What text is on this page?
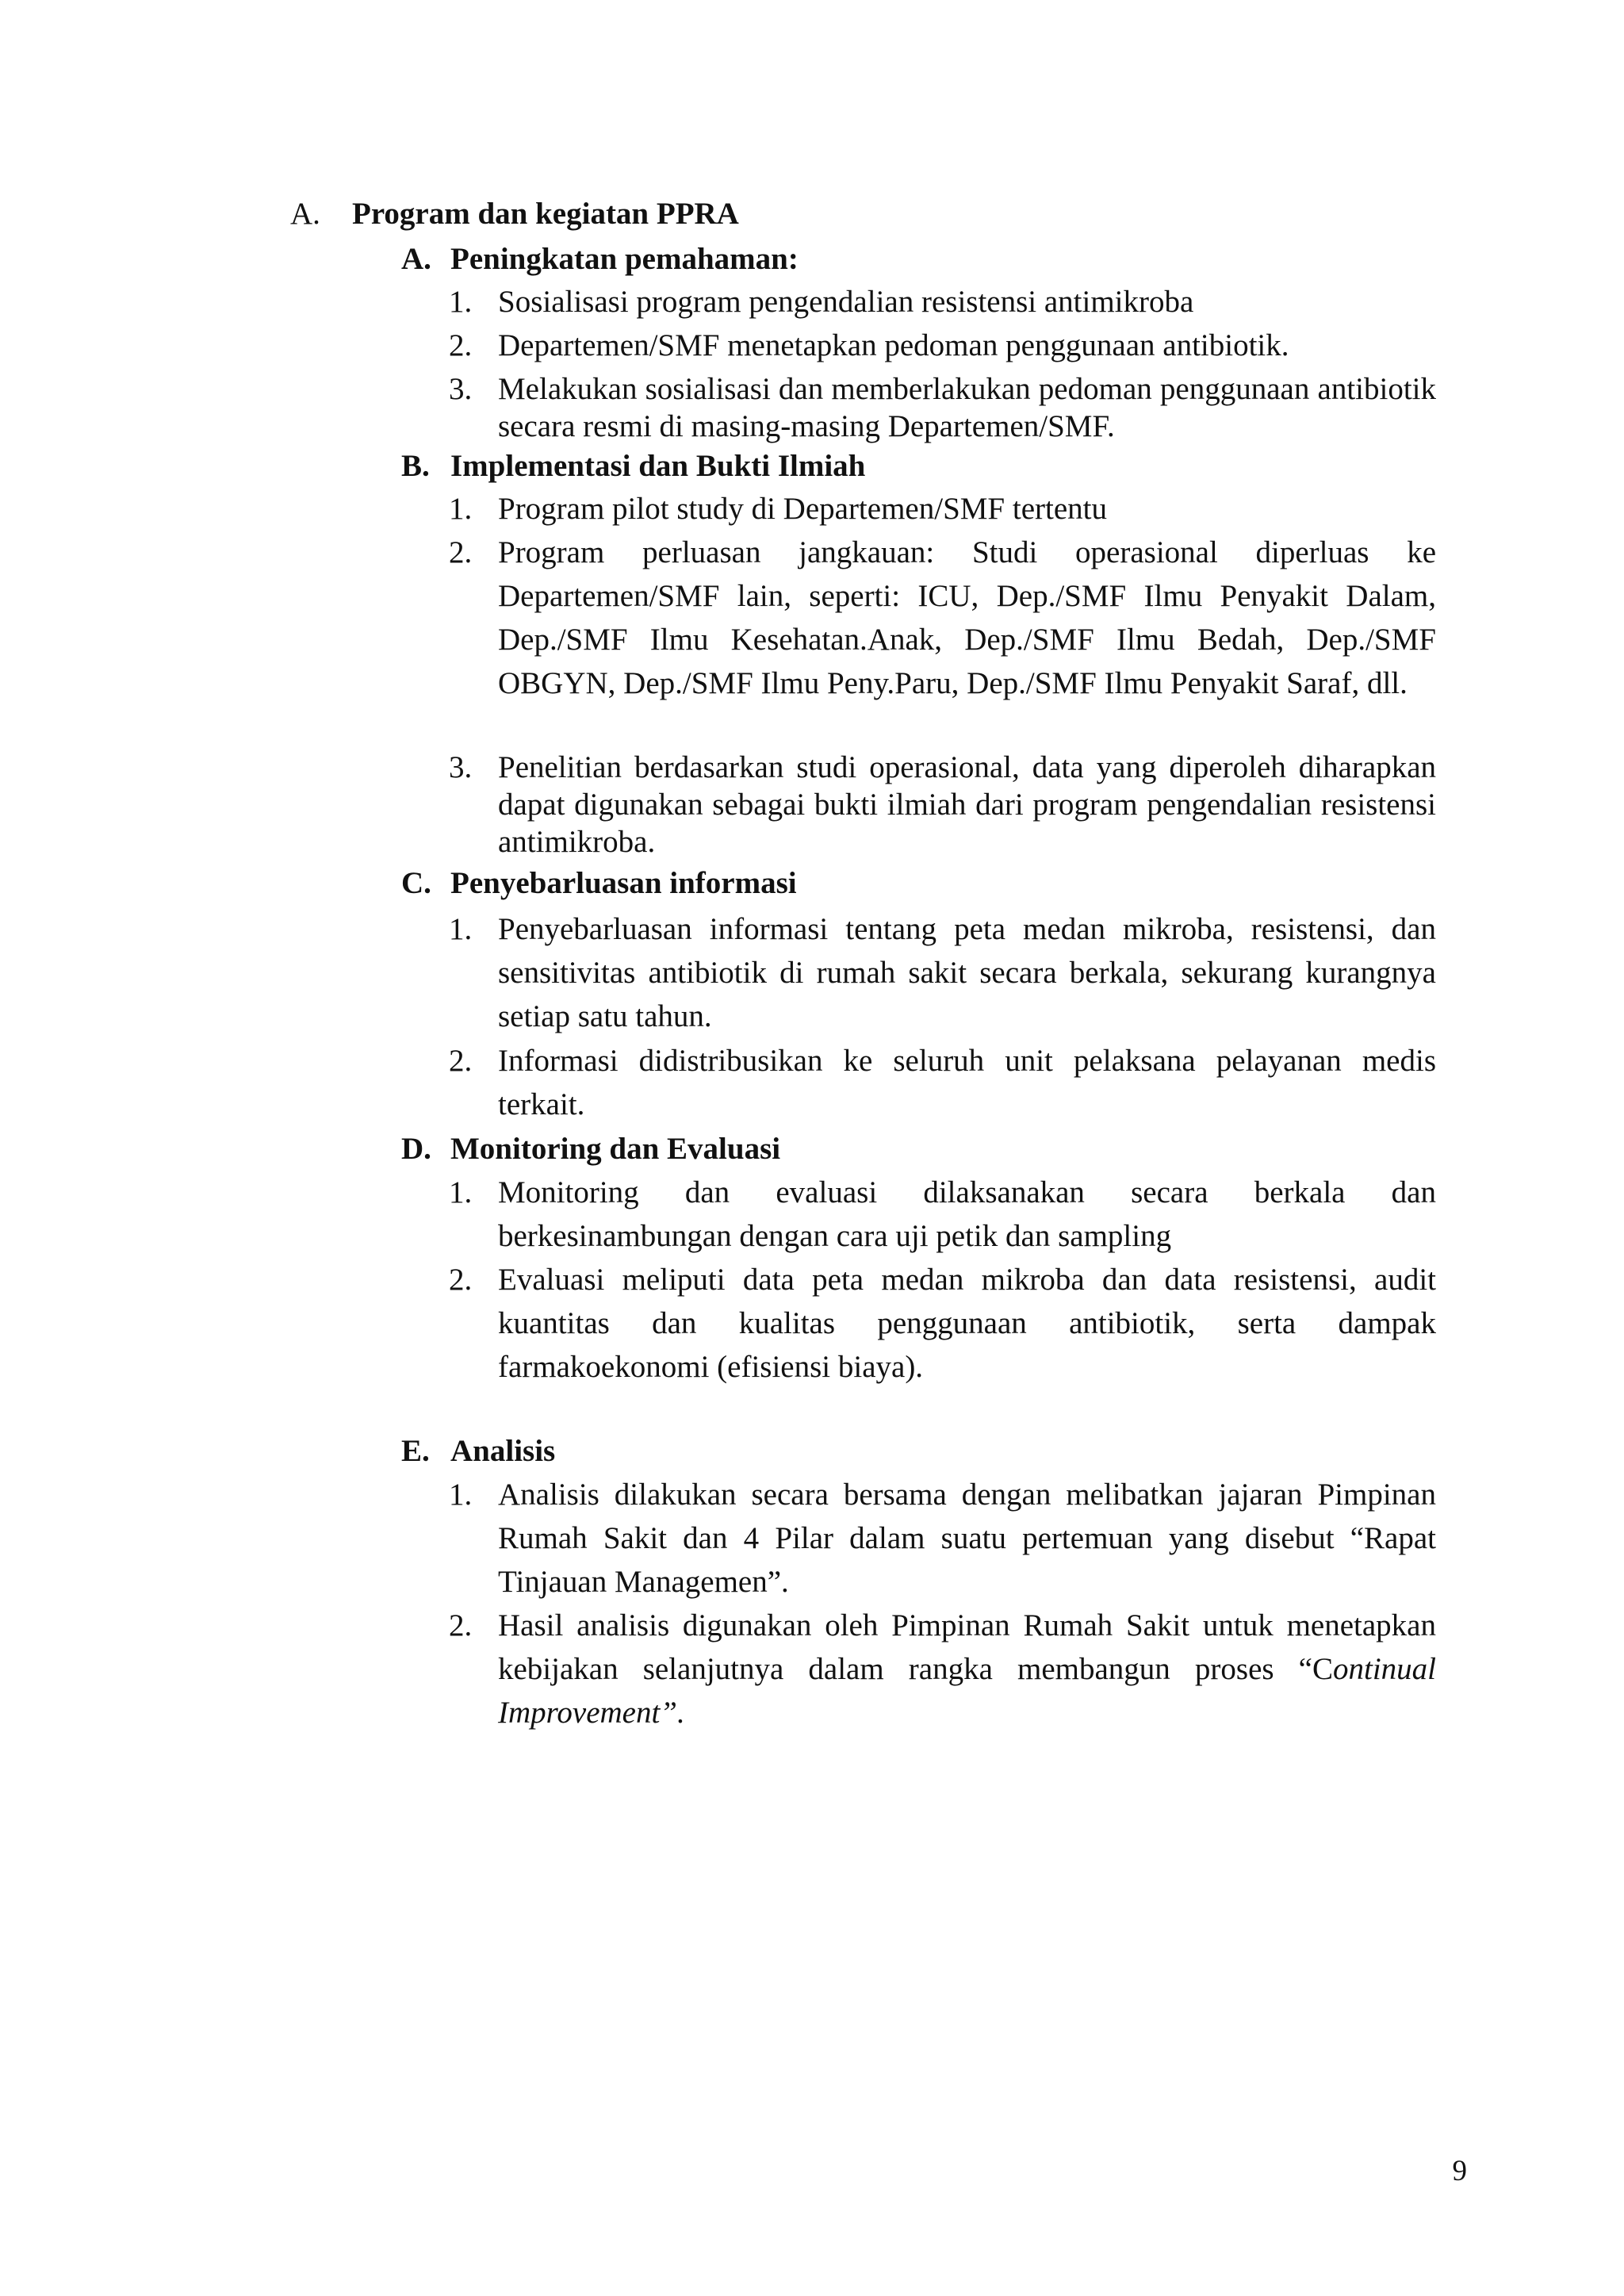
A. Program dan kegiatan PPRA
A. Peningkatan pemahaman:
1. Sosialisasi program pengendalian resistensi antimikroba
2. Departemen/SMF menetapkan pedoman penggunaan antibiotik.
3. Melakukan sosialisasi dan memberlakukan pedoman penggunaan antibiotik secara resmi di masing-masing Departemen/SMF.
B. Implementasi dan Bukti Ilmiah
1. Program pilot study di Departemen/SMF tertentu
2. Program perluasan jangkauan: Studi operasional diperluas ke Departemen/SMF lain, seperti: ICU, Dep./SMF Ilmu Penyakit Dalam, Dep./SMF Ilmu Kesehatan.Anak, Dep./SMF Ilmu Bedah, Dep./SMF OBGYN, Dep./SMF Ilmu Peny.Paru, Dep./SMF Ilmu Penyakit Saraf, dll.
3. Penelitian berdasarkan studi operasional, data yang diperoleh diharapkan dapat digunakan sebagai bukti ilmiah dari program pengendalian resistensi antimikroba.
C. Penyebarluasan informasi
1. Penyebarluasan informasi tentang peta medan mikroba, resistensi, dan sensitivitas antibiotik di rumah sakit secara berkala, sekurang kurangnya setiap satu tahun.
2. Informasi didistribusikan ke seluruh unit pelaksana pelayanan medis terkait.
D. Monitoring dan Evaluasi
1. Monitoring dan evaluasi dilaksanakan secara berkala dan berkesinambungan dengan cara uji petik dan sampling
2. Evaluasi meliputi data peta medan mikroba dan data resistensi, audit kuantitas dan kualitas penggunaan antibiotik, serta dampak farmakoekonomi (efisiensi biaya).
E. Analisis
1. Analisis dilakukan secara bersama dengan melibatkan jajaran Pimpinan Rumah Sakit dan 4 Pilar dalam suatu pertemuan yang disebut “Rapat Tinjauan Managemen”.
2. Hasil analisis digunakan oleh Pimpinan Rumah Sakit untuk menetapkan kebijakan selanjutnya dalam rangka membangun proses “Continual Improvement”.
9
